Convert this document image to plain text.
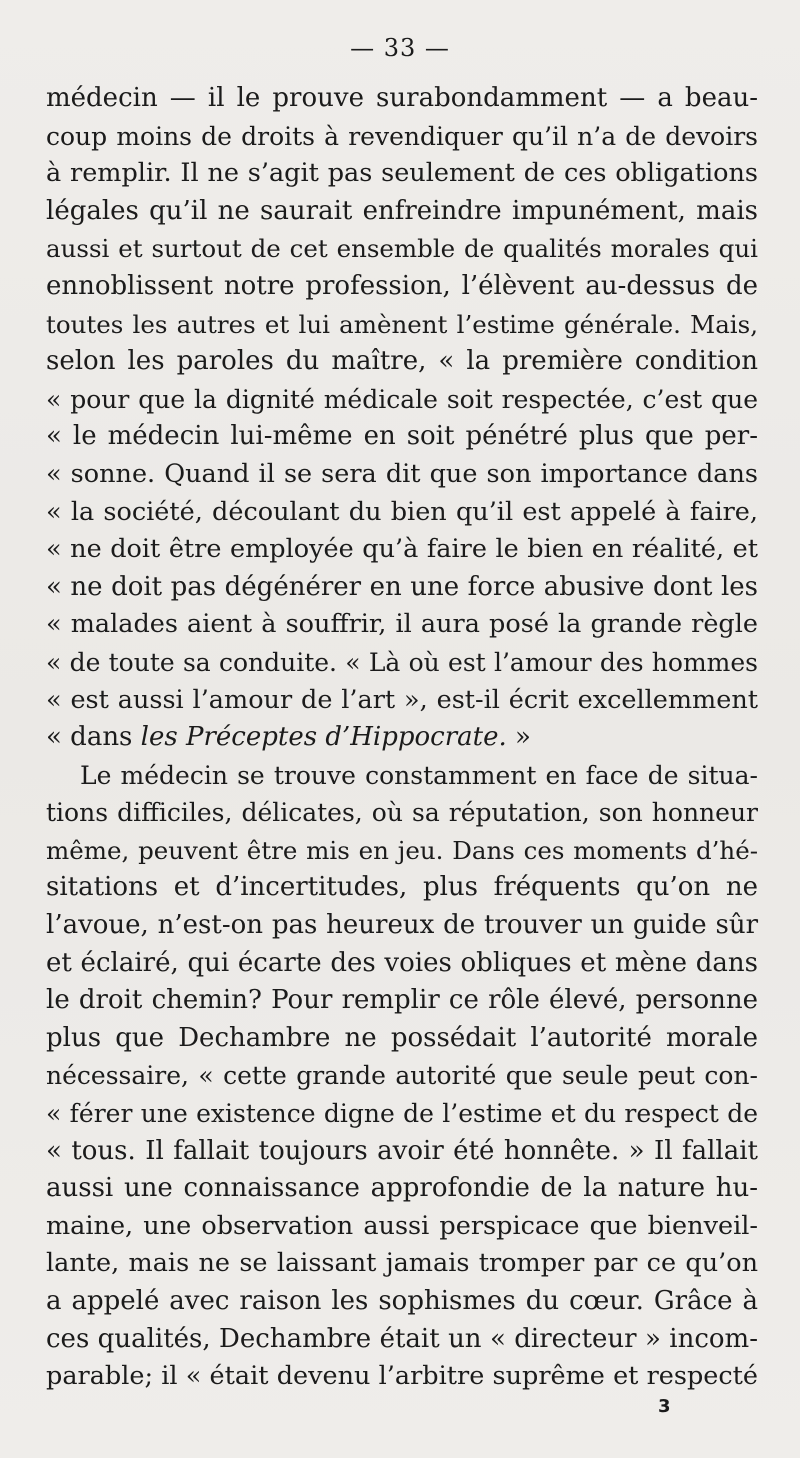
— 33 —
médecin — il le prouve surabondamment — a beau-
coup moins de droits à revendiquer qu’il n’a de devoirs
à remplir. Il ne s’agit pas seulement de ces obligations
légales qu’il ne saurait enfreindre impunément, mais
aussi et surtout de cet ensemble de qualités morales qui
ennoblissent notre profession, l’élèvent au-dessus de
toutes les autres et lui amènent l’estime générale. Mais,
selon les paroles du maître, « la première condition
« pour que la dignité médicale soit respectée, c’est que
« le médecin lui-même en soit pénétré plus que per-
« sonne. Quand il se sera dit que son importance dans
« la société, découlant du bien qu’il est appelé à faire,
« ne doit être employée qu’à faire le bien en réalité, et
« ne doit pas dégénérer en une force abusive dont les
« malades aient à souffrir, il aura posé la grande règle
« de toute sa conduite. « Là où est l’amour des hommes
« est aussi l’amour de l’art », est-il écrit excellemment
« dans les Préceptes d’Hippocrate. »
Le médecin se trouve constamment en face de situa-
tions difficiles, délicates, où sa réputation, son honneur
même, peuvent être mis en jeu. Dans ces moments d’hé-
sitations et d’incertitudes, plus fréquents qu’on ne
l’avoue, n’est-on pas heureux de trouver un guide sûr
et éclairé, qui écarte des voies obliques et mène dans
le droit chemin? Pour remplir ce rôle élevé, personne
plus que Dechambre ne possédait l’autorité morale
nécessaire, « cette grande autorité que seule peut con-
« férer une existence digne de l’estime et du respect de
« tous. Il fallait toujours avoir été honnête. » Il fallait
aussi une connaissance approfondie de la nature hu-
maine, une observation aussi perspicace que bienveil-
lante, mais ne se laissant jamais tromper par ce qu’on
a appelé avec raison les sophismes du cœur. Grâce à
ces qualités, Dechambre était un « directeur » incom-
parable; il « était devenu l’arbitre suprême et respecté
3
